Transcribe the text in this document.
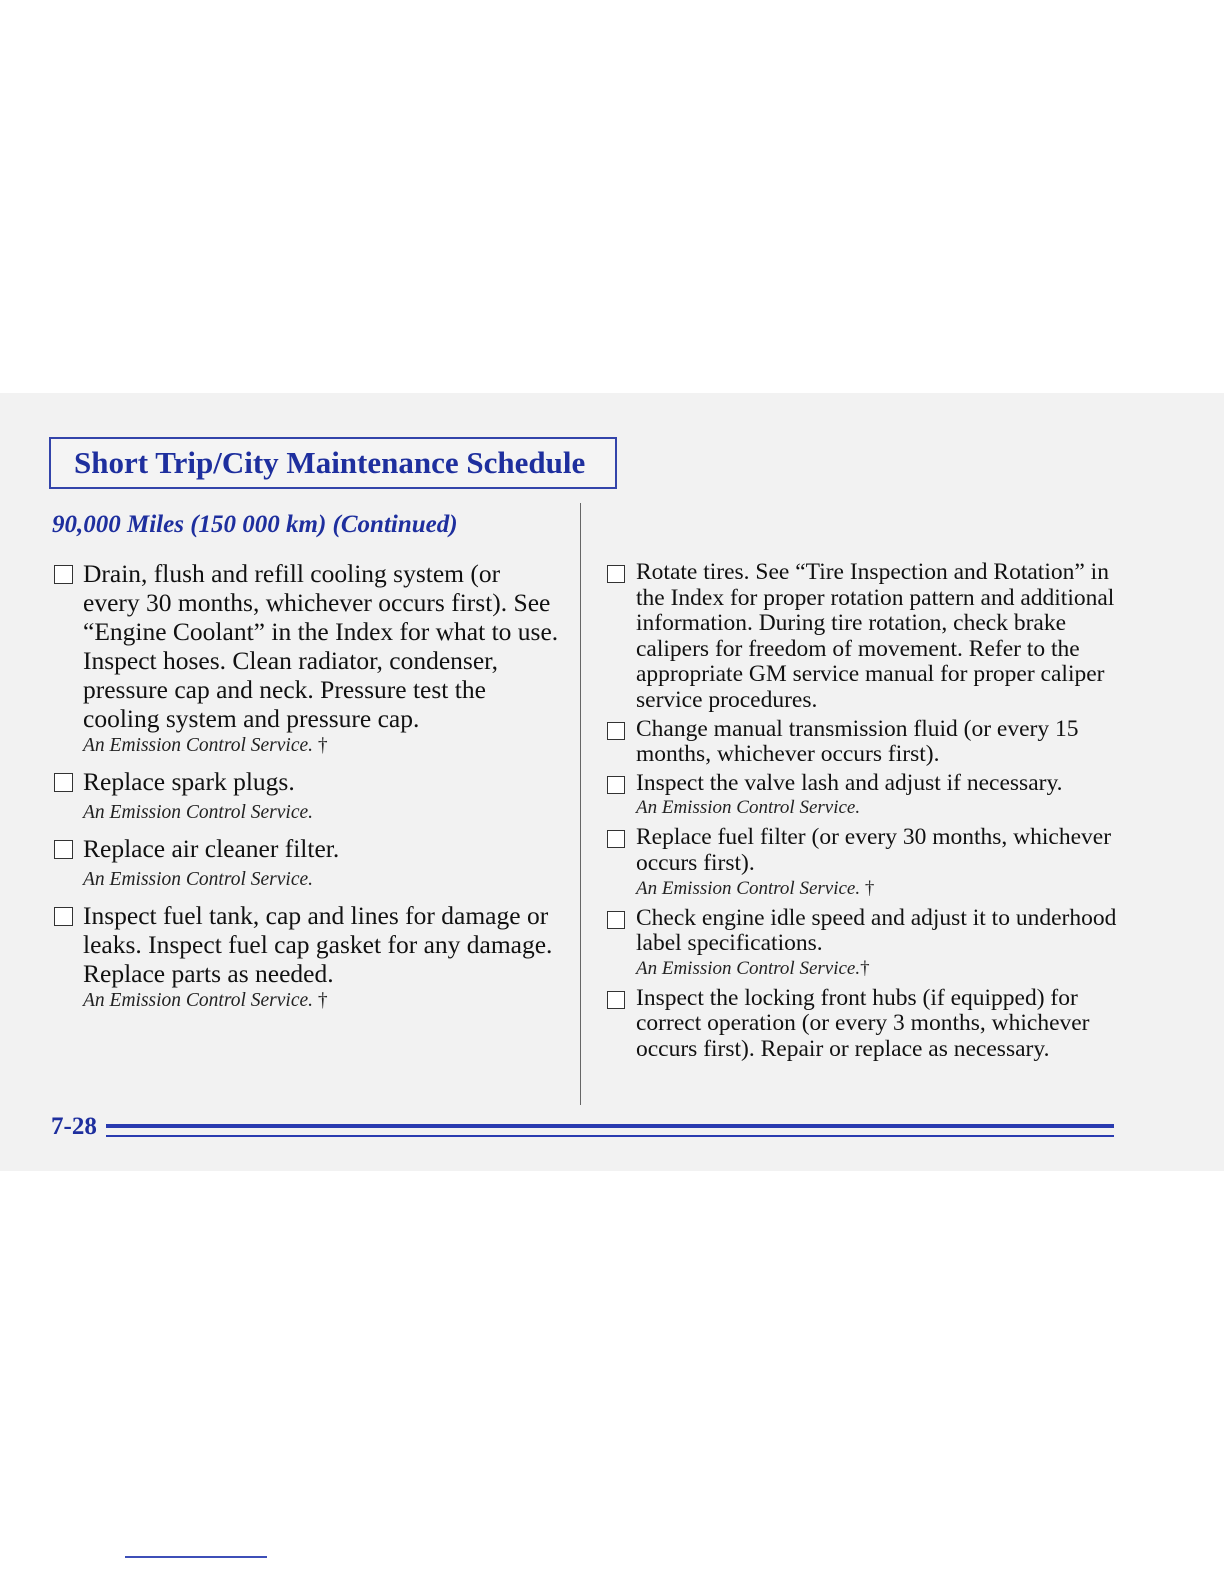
Short Trip/City Maintenance Schedule
90,000 Miles (150 000 km) (Continued)
Drain, flush and refill cooling system (or every 30 months, whichever occurs first). See “Engine Coolant” in the Index for what to use. Inspect hoses. Clean radiator, condenser, pressure cap and neck. Pressure test the cooling system and pressure cap.
An Emission Control Service. †
Replace spark plugs.
An Emission Control Service.
Replace air cleaner filter.
An Emission Control Service.
Inspect fuel tank, cap and lines for damage or leaks. Inspect fuel cap gasket for any damage. Replace parts as needed.
An Emission Control Service. †
Rotate tires. See “Tire Inspection and Rotation” in the Index for proper rotation pattern and additional information. During tire rotation, check brake calipers for freedom of movement. Refer to the appropriate GM service manual for proper caliper service procedures.
Change manual transmission fluid (or every 15 months, whichever occurs first).
Inspect the valve lash and adjust if necessary.
An Emission Control Service.
Replace fuel filter (or every 30 months, whichever occurs first).
An Emission Control Service. †
Check engine idle speed and adjust it to underhood label specifications.
An Emission Control Service.†
Inspect the locking front hubs (if equipped) for correct operation (or every 3 months, whichever occurs first). Repair or replace as necessary.
7-28
